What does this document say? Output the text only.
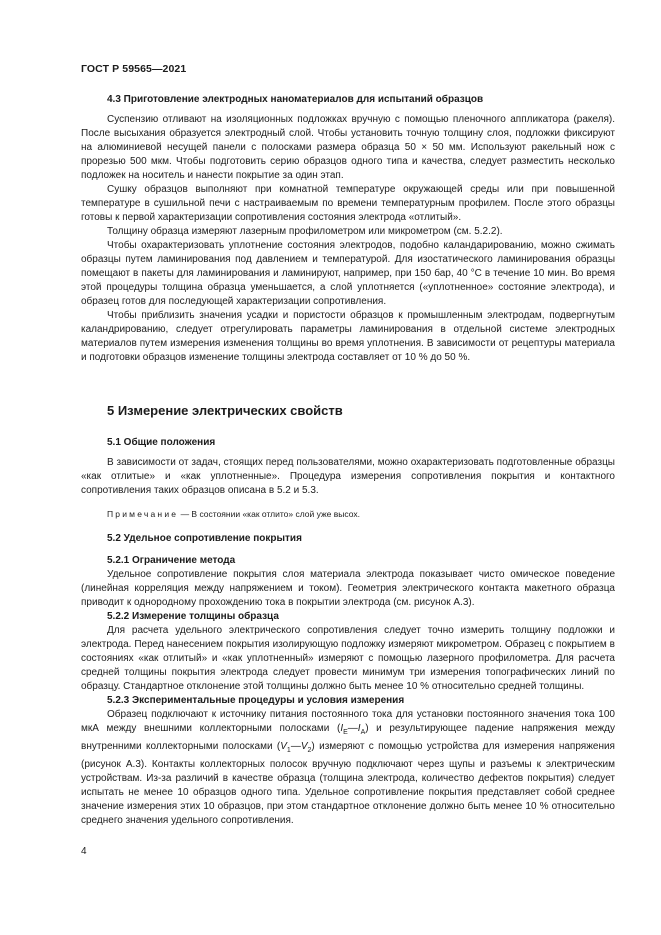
ГОСТ Р 59565—2021

4.3 Приготовление электродных наноматериалов для испытаний образцов

Суспензию отливают на изоляционных подложках вручную с помощью пленочного аппликатора (ракеля). После высыхания образуется электродный слой. Чтобы установить точную толщину слоя, подложки фиксируют на алюминиевой несущей панели с полосками размера образца 50 × 50 мм. Используют ракельный нож с прорезью 500 мкм. Чтобы подготовить серию образцов одного типа и качества, следует разместить несколько подложек на носитель и нанести покрытие за один этап.

Сушку образцов выполняют при комнатной температуре окружающей среды или при повышенной температуре в сушильной печи с настраиваемым по времени температурным профилем. После этого образцы готовы к первой характеризации сопротивления состояния электрода «отлитый».

Толщину образца измеряют лазерным профилометром или микрометром (см. 5.2.2).

Чтобы охарактеризовать уплотнение состояния электродов, подобно каландарированию, можно сжимать образцы путем ламинирования под давлением и температурой. Для изостатического ламинирования образцы помещают в пакеты для ламинирования и ламинируют, например, при 150 бар, 40 °С в течение 10 мин. Во время этой процедуры толщина образца уменьшается, а слой уплотняется («уплотненное» состояние электрода), и образец готов для последующей характеризации сопротивления.

Чтобы приблизить значения усадки и пористости образцов к промышленным электродам, подвергнутым каландрированию, следует отрегулировать параметры ламинирования в отдельной системе электродных материалов путем измерения изменения толщины во время уплотнения. В зависимости от рецептуры материала и подготовки образцов изменение толщины электрода составляет от 10 % до 50 %.

5 Измерение электрических свойств

5.1 Общие положения

В зависимости от задач, стоящих перед пользователями, можно охарактеризовать подготовленные образцы «как отлитые» и «как уплотненные». Процедура измерения сопротивления покрытия и контактного сопротивления таких образцов описана в 5.2 и 5.3.

Примечание — В состоянии «как отлито» слой уже высох.

5.2 Удельное сопротивление покрытия

5.2.1 Ограничение метода

Удельное сопротивление покрытия слоя материала электрода показывает чисто омическое поведение (линейная корреляция между напряжением и током). Геометрия электрического контакта макетного образца приводит к однородному прохождению тока в покрытии электрода (см. рисунок А.3).

5.2.2 Измерение толщины образца

Для расчета удельного электрического сопротивления следует точно измерить толщину подложки и электрода. Перед нанесением покрытия изолирующую подложку измеряют микрометром. Образец с покрытием в состояниях «как отлитый» и «как уплотненный» измеряют с помощью лазерного профилометра. Для расчета средней толщины покрытия электрода следует провести минимум три измерения топографических линий по образцу. Стандартное отклонение этой толщины должно быть менее 10 % относительно средней толщины.

5.2.3 Экспериментальные процедуры и условия измерения

Образец подключают к источнику питания постоянного тока для установки постоянного значения тока 100 мкА между внешними коллекторными полосками $(I_E—I_A)$ и результирующее падение напряжения между внутренними коллекторными полосками $(V_1—V_2)$ измеряют с помощью устройства для измерения напряжения (рисунок А.3). Контакты коллекторных полосок вручную подключают через щупы и разъемы к электрическим устройствам. Из-за различий в качестве образца (толщина электрода, количество дефектов покрытия) следует испытать не менее 10 образцов одного типа. Удельное сопротивление покрытия представляет собой среднее значение измерения этих 10 образцов, при этом стандартное отклонение должно быть менее 10 % относительно среднего значения удельного сопротивления.

4
